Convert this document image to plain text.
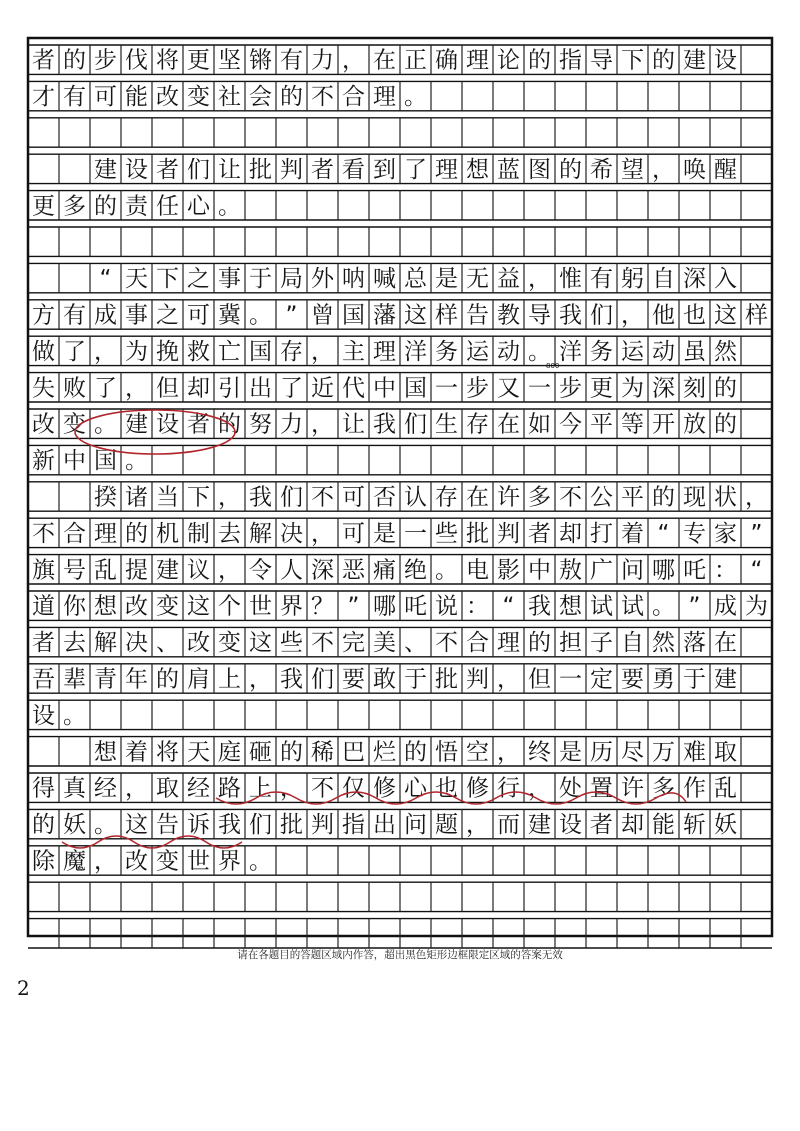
者 的 步 伐 将 更 坚 锵 有 力 ， 在 正 确 理 论 的 指 导 下 的 建 设
才 有 可 能 改 变 社 会 的 不 合 理 。
建 设 者 们 让 批 判 者 看 到 了 理 想 蓝 图 的 希 望 ， 唤 醒
更 多 的 责 任 心 。
“ 天 下 之 事 于 局 外 呐 喊 总 是 无 益 ， 惟 有 躬 自 深 入
方 有 成 事 之 可 冀 。 ” 曾 国 藩 这 样 告 教 导 我 们 ， 他 也 这 样
做 了 ， 为 挽 救 亡 国 存 ， 主 理 洋 务 运 动 。 洋 务 运 动 虽 然
失 败 了 ， 但 却 引 出 了 近 代 中 国 一 步 又 一 步 更 为 深 刻 的
改 变 。 建 设 者 的 努 力 ， 让 我 们 生 存 在 如 今 平 等 开 放 的
新 中 国 。
揆 诸 当 下 ， 我 们 不 可 否 认 存 在 许 多 不 公 平 的 现 状 ，
不 合 理 的 机 制 去 解 决 ， 可 是 一 些 批 判 者 却 打 着 “ 专 家 ”
旗 号 乱 提 建 议 ， 令 人 深 恶 痛 绝 。 电 影 中 敖 广 问 哪 吒 ： “
道 你 想 改 变 这 个 世 界 ？ ” 哪 吒 说 ： “ 我 想 试 试 。 ” 成 为
者 去 解 决 、 改 变 这 些 不 完 美 、 不 合 理 的 担 子 自 然 落 在
吾 辈 青 年 的 肩 上 ， 我 们 要 敢 于 批 判 ， 但 一 定 要 勇 于 建
设 。
想 着 将 天 庭 砸 的 稀 巴 烂 的 悟 空 ， 终 是 历 尽 万 难 取
得 真 经 ， 取 经 路 上 ， 不 仅 修 心 也 修 行 ， 处 置 许 多 作 乱
的 妖 。 这 告 诉 我 们 批 判 指 出 问 题 ， 而 建 设 者 却 能 斩 妖
除 魔 ， 改 变 世 界 。
800
请在各题目的答题区域内作答，超出黑色矩形边框限定区域的答案无效
2
